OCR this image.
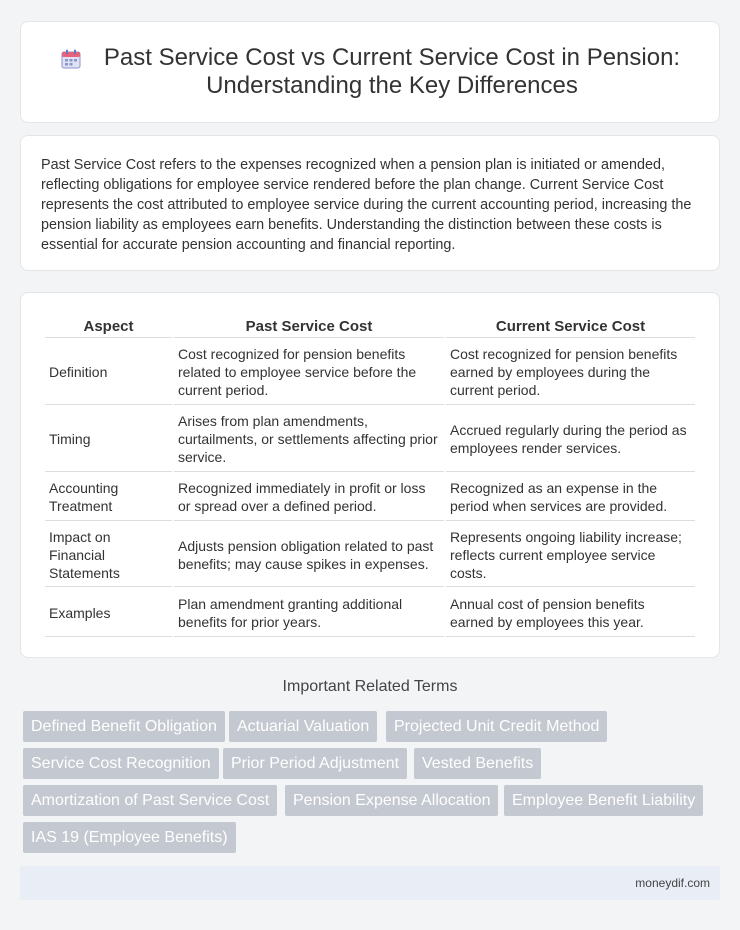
Past Service Cost vs Current Service Cost in Pension:
Understanding the Key Differences

Past Service Cost refers to the expenses recognized when a pension plan is initiated or amended, reflecting obligations for employee service rendered before the plan change. Current Service Cost represents the cost attributed to employee service during the current accounting period, increasing the pension liability as employees earn benefits. Understanding the distinction between these costs is essential for accurate pension accounting and financial reporting.

Aspect	Past Service Cost	Current Service Cost
Definition	Cost recognized for pension benefits related to employee service before the current period.	Cost recognized for pension benefits earned by employees during the current period.
Timing	Arises from plan amendments, curtailments, or settlements affecting prior service.	Accrued regularly during the period as employees render services.
Accounting Treatment	Recognized immediately in profit or loss or spread over a defined period.	Recognized as an expense in the period when services are provided.
Impact on Financial Statements	Adjusts pension obligation related to past benefits; may cause spikes in expenses.	Represents ongoing liability increase; reflects current employee service costs.
Examples	Plan amendment granting additional benefits for prior years.	Annual cost of pension benefits earned by employees this year.
Important Related Terms
Defined Benefit Obligation	Actuarial Valuation	Projected Unit Credit Method
Service Cost Recognition	Prior Period Adjustment	Vested Benefits
Amortization of Past Service Cost	Pension Expense Allocation	Employee Benefit Liability
IAS 19 (Employee Benefits)
moneydif.com
